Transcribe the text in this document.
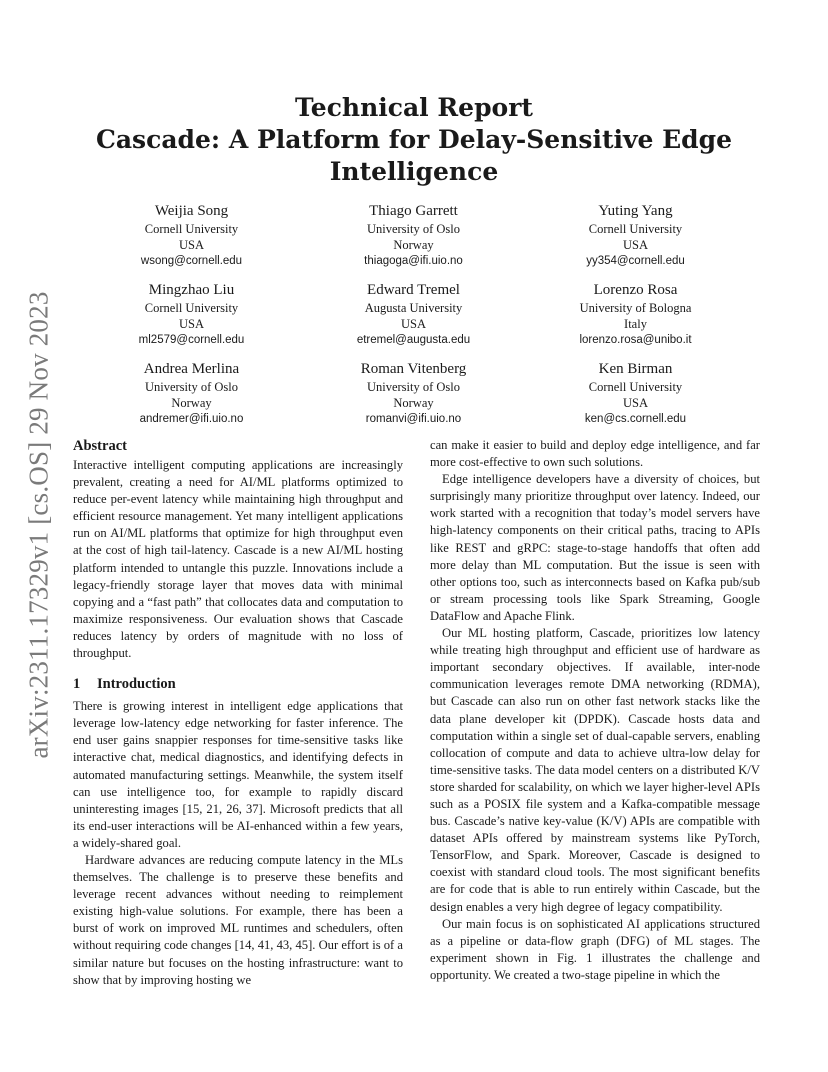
arXiv:2311.17329v1 [cs.OS] 29 Nov 2023
Technical Report
Cascade: A Platform for Delay-Sensitive Edge
Intelligence
Weijia Song
Cornell University
USA
wsong@cornell.edu
Thiago Garrett
University of Oslo
Norway
thiagoga@ifi.uio.no
Yuting Yang
Cornell University
USA
yy354@cornell.edu
Mingzhao Liu
Cornell University
USA
ml2579@cornell.edu
Edward Tremel
Augusta University
USA
etremel@augusta.edu
Lorenzo Rosa
University of Bologna
Italy
lorenzo.rosa@unibo.it
Andrea Merlina
University of Oslo
Norway
andremer@ifi.uio.no
Roman Vitenberg
University of Oslo
Norway
romanvi@ifi.uio.no
Ken Birman
Cornell University
USA
ken@cs.cornell.edu
Abstract

Interactive intelligent computing applications are increasingly prevalent, creating a need for AI/ML platforms optimized to reduce per-event latency while maintaining high throughput and efficient resource management. Yet many intelligent applications run on AI/ML platforms that optimize for high throughput even at the cost of high tail-latency. Cascade is a new AI/ML hosting platform intended to untangle this puzzle. Innovations include a legacy-friendly storage layer that moves data with minimal copying and a “fast path” that collocates data and computation to maximize responsiveness. Our evaluation shows that Cascade reduces latency by orders of magnitude with no loss of throughput.

1 Introduction

There is growing interest in intelligent edge applications that leverage low-latency edge networking for faster inference. The end user gains snappier responses for time-sensitive tasks like interactive chat, medical diagnostics, and identifying defects in automated manufacturing settings. Meanwhile, the system itself can use intelligence too, for example to rapidly discard uninteresting images [15, 21, 26, 37]. Microsoft predicts that all its end-user interactions will be AI-enhanced within a few years, a widely-shared goal.

Hardware advances are reducing compute latency in the MLs themselves. The challenge is to preserve these benefits and leverage recent advances without needing to reimplement existing high-value solutions. For example, there has been a burst of work on improved ML runtimes and schedulers, often without requiring code changes [14, 41, 43, 45]. Our effort is of a similar nature but focuses on the hosting infrastructure: want to show that by improving hosting we

can make it easier to build and deploy edge intelligence, and far more cost-effective to own such solutions.

Edge intelligence developers have a diversity of choices, but surprisingly many prioritize throughput over latency. Indeed, our work started with a recognition that today’s model servers have high-latency components on their critical paths, tracing to APIs like REST and gRPC: stage-to-stage handoffs that often add more delay than ML computation. But the issue is seen with other options too, such as interconnects based on Kafka pub/sub or stream processing tools like Spark Streaming, Google DataFlow and Apache Flink.

Our ML hosting platform, Cascade, prioritizes low latency while treating high throughput and efficient use of hardware as important secondary objectives. If available, inter-node communication leverages remote DMA networking (RDMA), but Cascade can also run on other fast network stacks like the data plane developer kit (DPDK). Cascade hosts data and computation within a single set of dual-capable servers, enabling collocation of compute and data to achieve ultra-low delay for time-sensitive tasks. The data model centers on a distributed K/V store sharded for scalability, on which we layer higher-level APIs such as a POSIX file system and a Kafka-compatible message bus. Cascade’s native key-value (K/V) APIs are compatible with dataset APIs offered by mainstream systems like PyTorch, TensorFlow, and Spark. Moreover, Cascade is designed to coexist with standard cloud tools. The most significant benefits are for code that is able to run entirely within Cascade, but the design enables a very high degree of legacy compatibility.

Our main focus is on sophisticated AI applications structured as a pipeline or data-flow graph (DFG) of ML stages. The experiment shown in Fig. 1 illustrates the challenge and opportunity. We created a two-stage pipeline in which the
